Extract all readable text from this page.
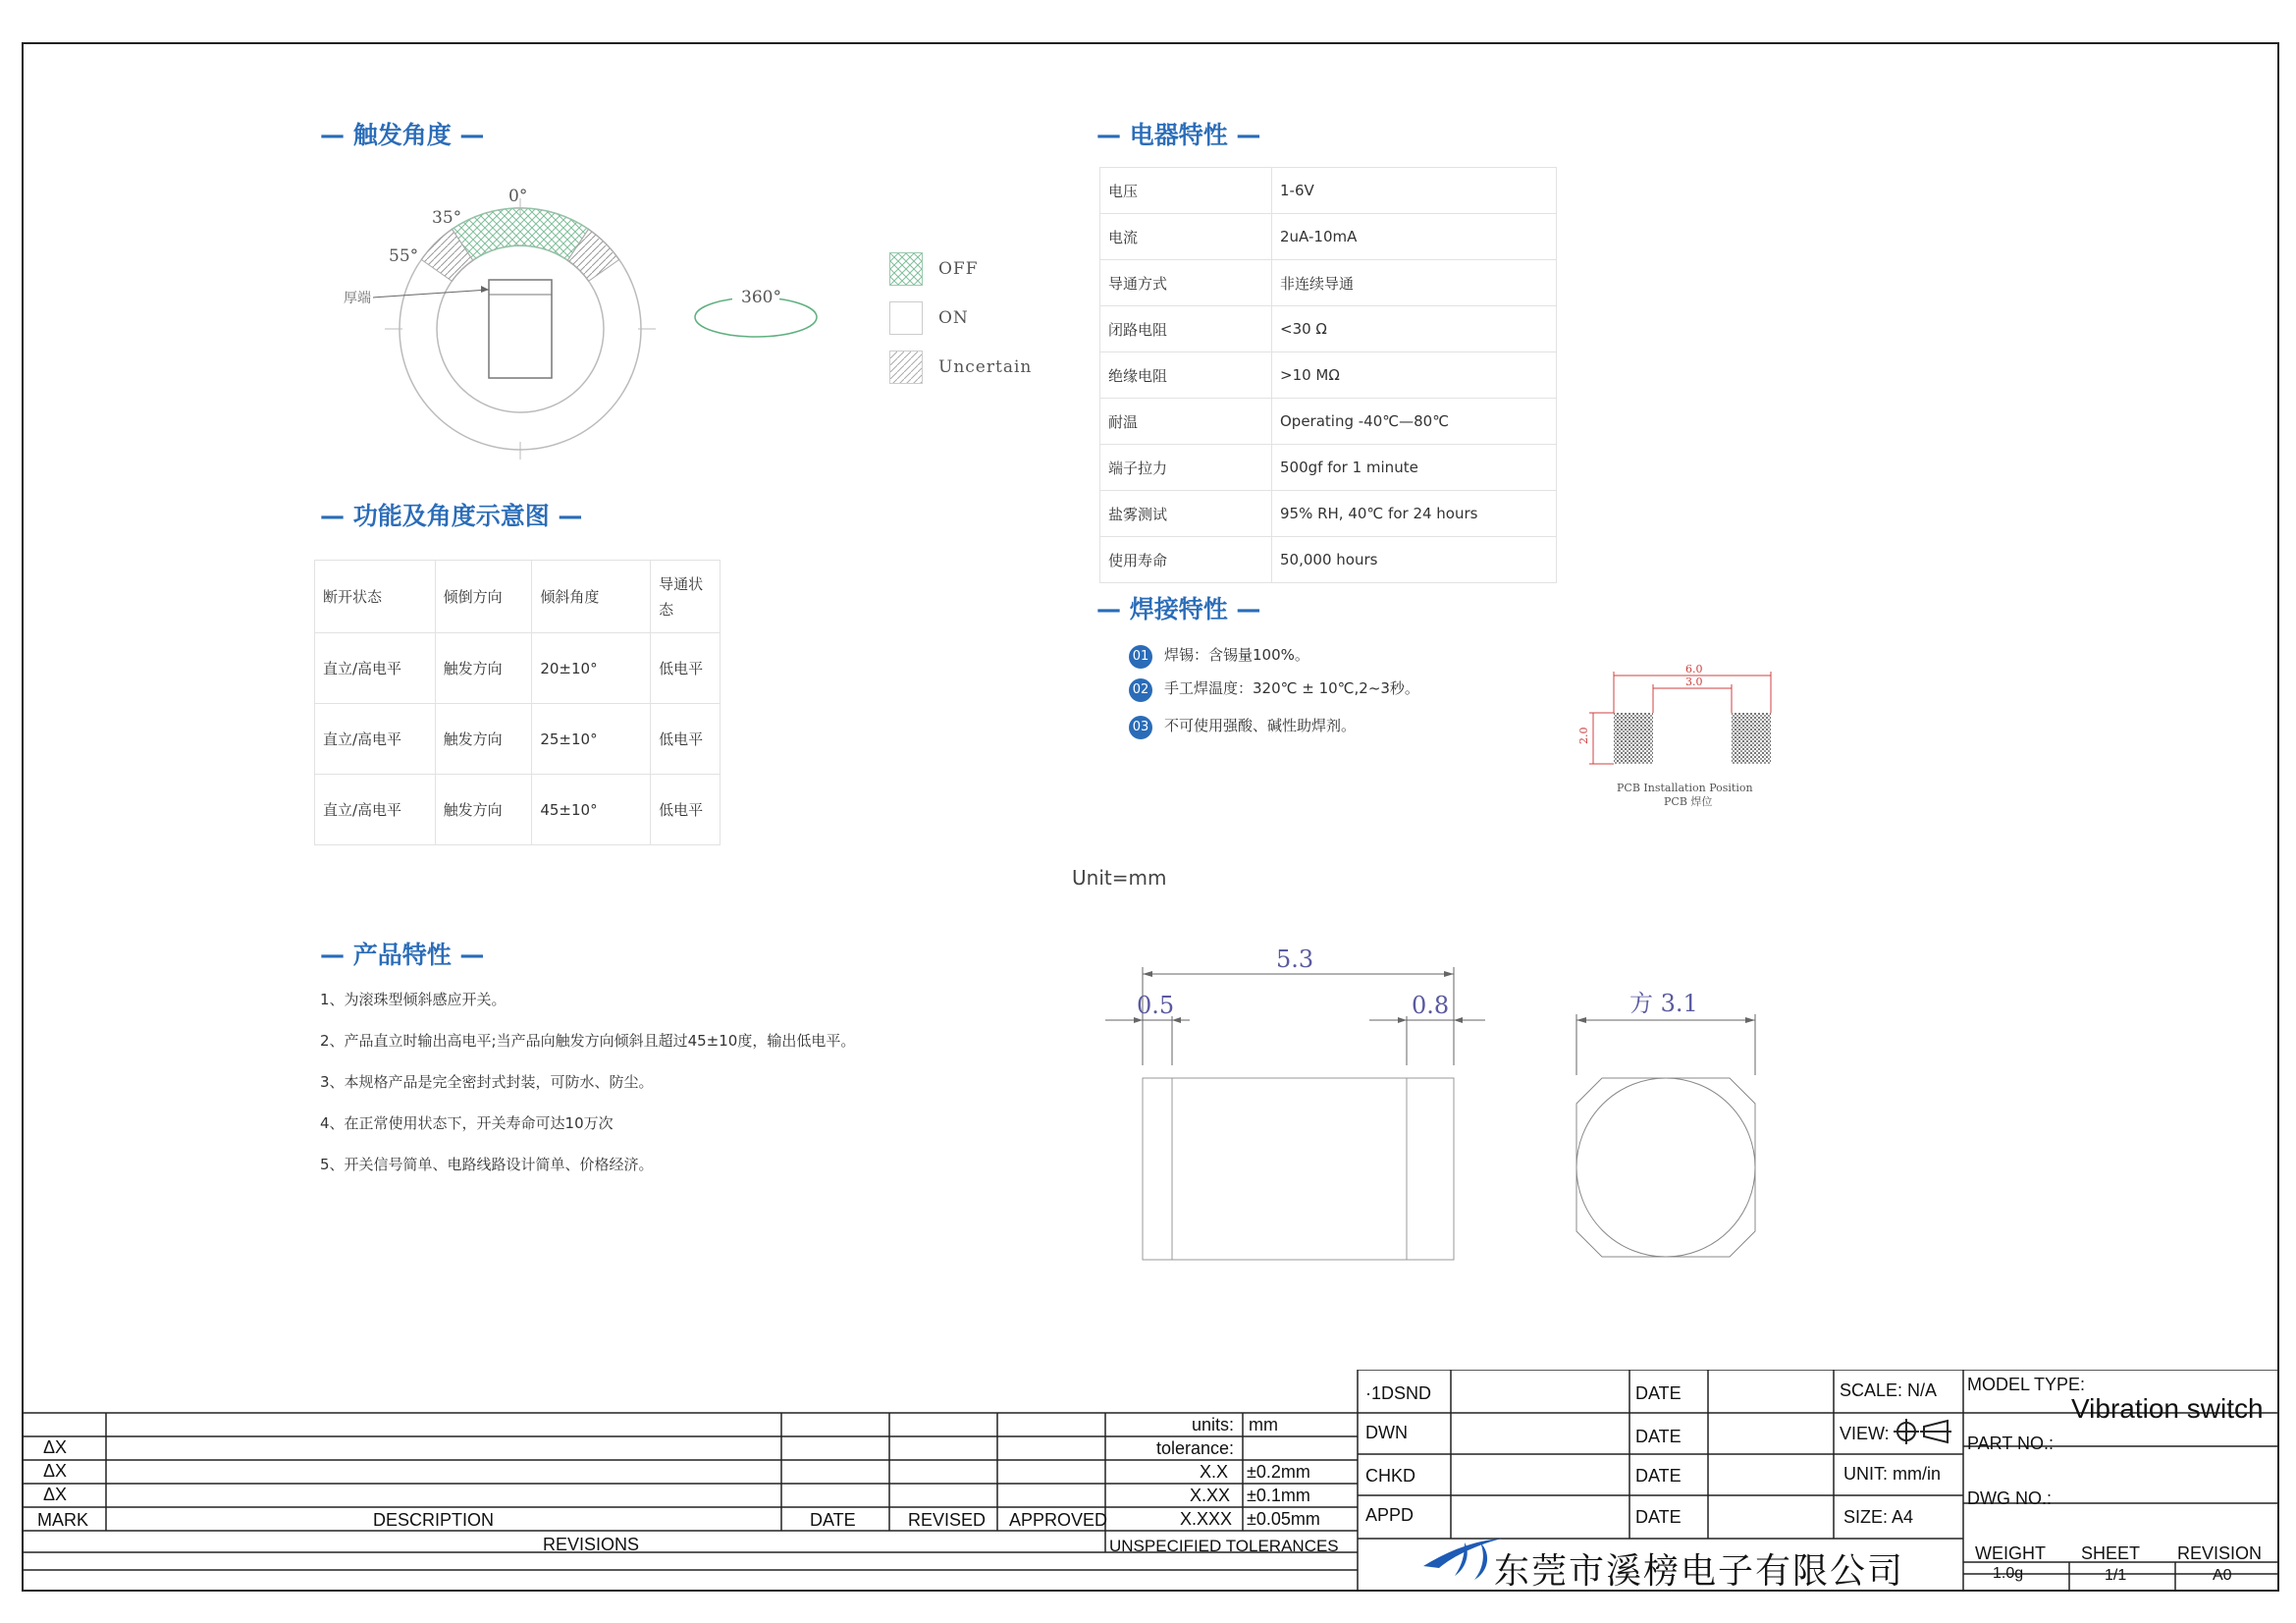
— 触发角度 —	— 电器特性 —
— 功能及角度示意图 —
— 焊接特性 —
— 产品特性 —
0°
35°
55°
厚端	360°
OFF
ON
Uncertain
电压	1-6V
电流	2uA-10mA
导通方式	非连续导通
闭路电阻	<30 Ω
绝缘电阻	>10 MΩ
耐温	Operating -40℃—80℃
端子拉力	500gf for 1 minute
盐雾测试	95% RH, 40℃ for 24 hours
使用寿命	50,000 hours
断开状态	倾倒方向	倾斜角度	导通状态
直立/高电平	触发方向	20±10°	低电平
直立/高电平	触发方向	25±10°	低电平
直立/高电平	触发方向	45±10°	低电平
01 焊锡：含锡量100%。
02 手工焊温度：320℃ ± 10℃,2~3秒。
03 不可使用强酸、碱性助焊剂。
6.0
3.0
2.0
PCB Installation Position
PCB 焊位
Unit=mm
1、为滚珠型倾斜感应开关。
2、产品直立时输出高电平;当产品向触发方向倾斜且超过45±10度，输出低电平。
3、本规格产品是完全密封式封装，可防水、防尘。
4、在正常使用状态下，开关寿命可达10万次
5、开关信号简单、电路线路设计简单、价格经济。
5.3
0.5	0.8	方 3.1
ΔX
ΔX
ΔX
MARK	DESCRIPTION	DATE	REVISED APPROVED
REVISIONS
units: mm
tolerance:
X.X ±0.2mm
X.XX ±0.1mm
X.XXX ±0.05mm
UNSPECIFIED TOLERANCES
·1DSND	DATE
DWN	DATE
CHKD	DATE
APPD	DATE
SCALE: N/A
VIEW:
UNIT: mm/in
SIZE: A4
MODEL TYPE:
Vibration switch
PART NO.:
DWG NO.:
WEIGHT
1.0g
SHEET
1/1
REVISION
A0
东莞市溪榜电子有限公司
